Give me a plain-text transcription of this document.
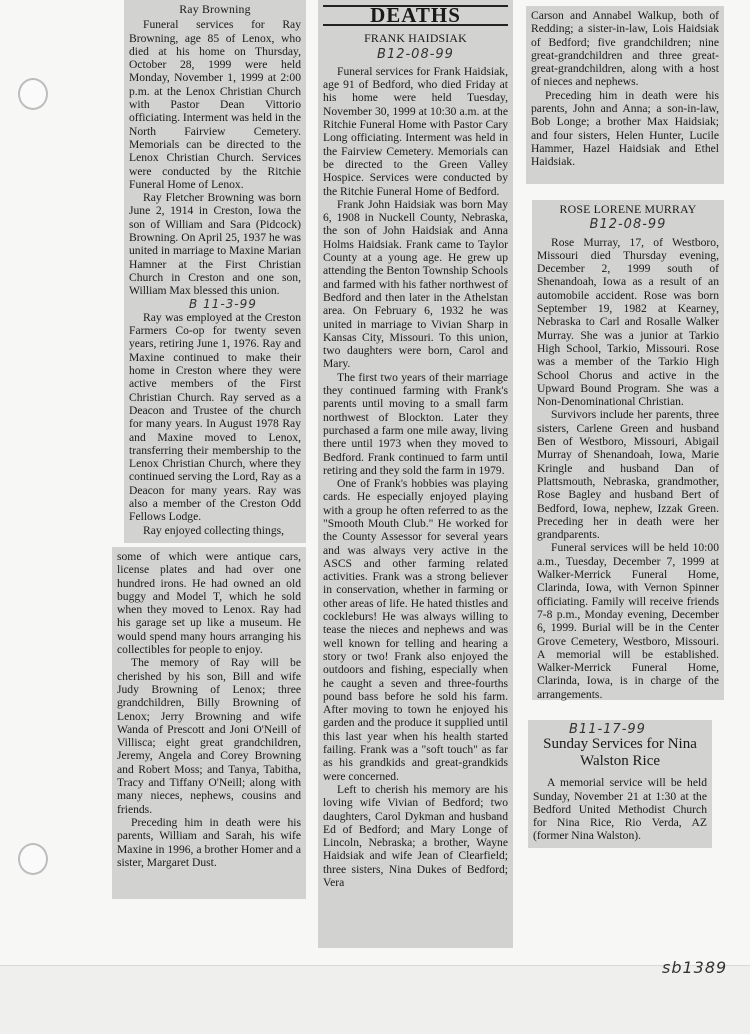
Ray Browning

Funeral services for Ray Browning, age 85 of Lenox, who died at his home on Thursday, October 28, 1999 were held Monday, November 1, 1999 at 2:00 p.m. at the Lenox Christian Church with Pastor Dean Vittorio officiating. Interment was held in the North Fairview Cemetery. Memorials can be directed to the Lenox Christian Church. Services were conducted by the Ritchie Funeral Home of Lenox.

Ray Fletcher Browning was born June 2, 1914 in Creston, Iowa the son of William and Sara (Pidcock) Browning. On April 25, 1937 he was united in marriage to Maxine Marian Hamner at the First Christian Church in Creston and one son, William Max blessed this union.

B 11-3-99

Ray was employed at the Creston Farmers Co-op for twenty seven years, retiring June 1, 1976. Ray and Maxine continued to make their home in Creston where they were active members of the First Christian Church. Ray served as a Deacon and Trustee of the church for many years. In August 1978 Ray and Maxine moved to Lenox, transferring their membership to the Lenox Christian Church, where they continued serving the Lord, Ray as a Deacon for many years. Ray was also a member of the Creston Odd Fellows Lodge.

Ray enjoyed collecting things,

some of which were antique cars, license plates and had over one hundred irons. He had owned an old buggy and Model T, which he sold when they moved to Lenox. Ray had his garage set up like a museum. He would spend many hours arranging his collectibles for people to enjoy.

The memory of Ray will be cherished by his son, Bill and wife Judy Browning of Lenox; three grandchildren, Billy Browning of Lenox; Jerry Browning and wife Wanda of Prescott and Joni O'Neill of Villisca; eight great grandchildren, Jeremy, Angela and Corey Browning and Robert Moss; and Tanya, Tabitha, Tracy and Tiffany O'Neill; along with many nieces, nephews, cousins and friends.

Preceding him in death were his parents, William and Sarah, his wife Maxine in 1996, a brother Homer and a sister, Margaret Dust.

DEATHS
FRANK HAIDSIAK
B12-08-99

Funeral services for Frank Haidsiak, age 91 of Bedford, who died Friday at his home were held Tuesday, November 30, 1999 at 10:30 a.m. at the Ritchie Funeral Home with Pastor Cary Long officiating. Interment was held in the Fairview Cemetery. Memorials can be directed to the Green Valley Hospice. Services were conducted by the Ritchie Funeral Home of Bedford.

Frank John Haidsiak was born May 6, 1908 in Nuckell County, Nebraska, the son of John Haidsiak and Anna Holms Haidsiak. Frank came to Taylor County at a young age. He grew up attending the Benton Township Schools and farmed with his father northwest of Bedford and then later in the Athelstan area. On February 6, 1932 he was united in marriage to Vivian Sharp in Kansas City, Missouri. To this union, two daughters were born, Carol and Mary.

The first two years of their marriage they continued farming with Frank's parents until moving to a small farm northwest of Blockton. Later they purchased a farm one mile away, living there until 1973 when they moved to Bedford. Frank continued to farm until retiring and they sold the farm in 1979.

One of Frank's hobbies was playing cards. He especially enjoyed playing with a group he often referred to as the "Smooth Mouth Club." He worked for the County Assessor for several years and was always very active in the ASCS and other farming related activities. Frank was a strong believer in conservation, whether in farming or other areas of life. He hated thistles and cockleburs! He was always willing to tease the nieces and nephews and was well known for telling and hearing a story or two! Frank also enjoyed the outdoors and fishing, especially when he caught a seven and three-fourths pound bass before he sold his farm. After moving to town he enjoyed his garden and the produce it supplied until this last year when his health started failing. Frank was a "soft touch" as far as his grandkids and great-grandkids were concerned.

Left to cherish his memory are his loving wife Vivian of Bedford; two daughters, Carol Dykman and husband Ed of Bedford; and Mary Longe of Lincoln, Nebraska; a brother, Wayne Haidsiak and wife Jean of Clearfield; three sisters, Nina Dukes of Bedford; Vera

Carson and Annabel Walkup, both of Redding; a sister-in-law, Lois Haidsiak of Bedford; five grandchildren; nine great-grandchildren and three great-great-grandchildren, along with a host of nieces and nephews.

Preceding him in death were his parents, John and Anna; a son-in-law, Bob Longe; a brother Max Haidsiak; and four sisters, Helen Hunter, Lucile Hammer, Hazel Haidsiak and Ethel Haidsiak.

ROSE LORENE MURRAY
B12-08-99

Rose Murray, 17, of Westboro, Missouri died Thursday evening, December 2, 1999 south of Shenandoah, Iowa as a result of an automobile accident. Rose was born September 19, 1982 at Kearney, Nebraska to Carl and Rosalle Walker Murray. She was a junior at Tarkio High School, Tarkio, Missouri. Rose was a member of the Tarkio High School Chorus and active in the Upward Bound Program. She was a Non-Denominational Christian.

Survivors include her parents, three sisters, Carlene Green and husband Ben of Westboro, Missouri, Abigail Murray of Shenandoah, Iowa, Marie Kringle and husband Dan of Plattsmouth, Nebraska, grandmother, Rose Bagley and husband Bert of Bedford, Iowa, nephew, Izzak Green. Preceding her in death were her grandparents.

Funeral services will be held 10:00 a.m., Tuesday, December 7, 1999 at Walker-Merrick Funeral Home, Clarinda, Iowa, with Vernon Spinner officiating. Family will receive friends 7-8 p.m., Monday evening, December 6, 1999. Burial will be in the Center Grove Cemetery, Westboro, Missouri. A memorial will be established. Walker-Merrick Funeral Home, Clarinda, Iowa, is in charge of the arrangements.

B11-17-99
Sunday Services for Nina Walston Rice

A memorial service will be held Sunday, November 21 at 1:30 at the Bedford United Methodist Church for Nina Rice, Rio Verda, AZ (former Nina Walston).

sb1389
